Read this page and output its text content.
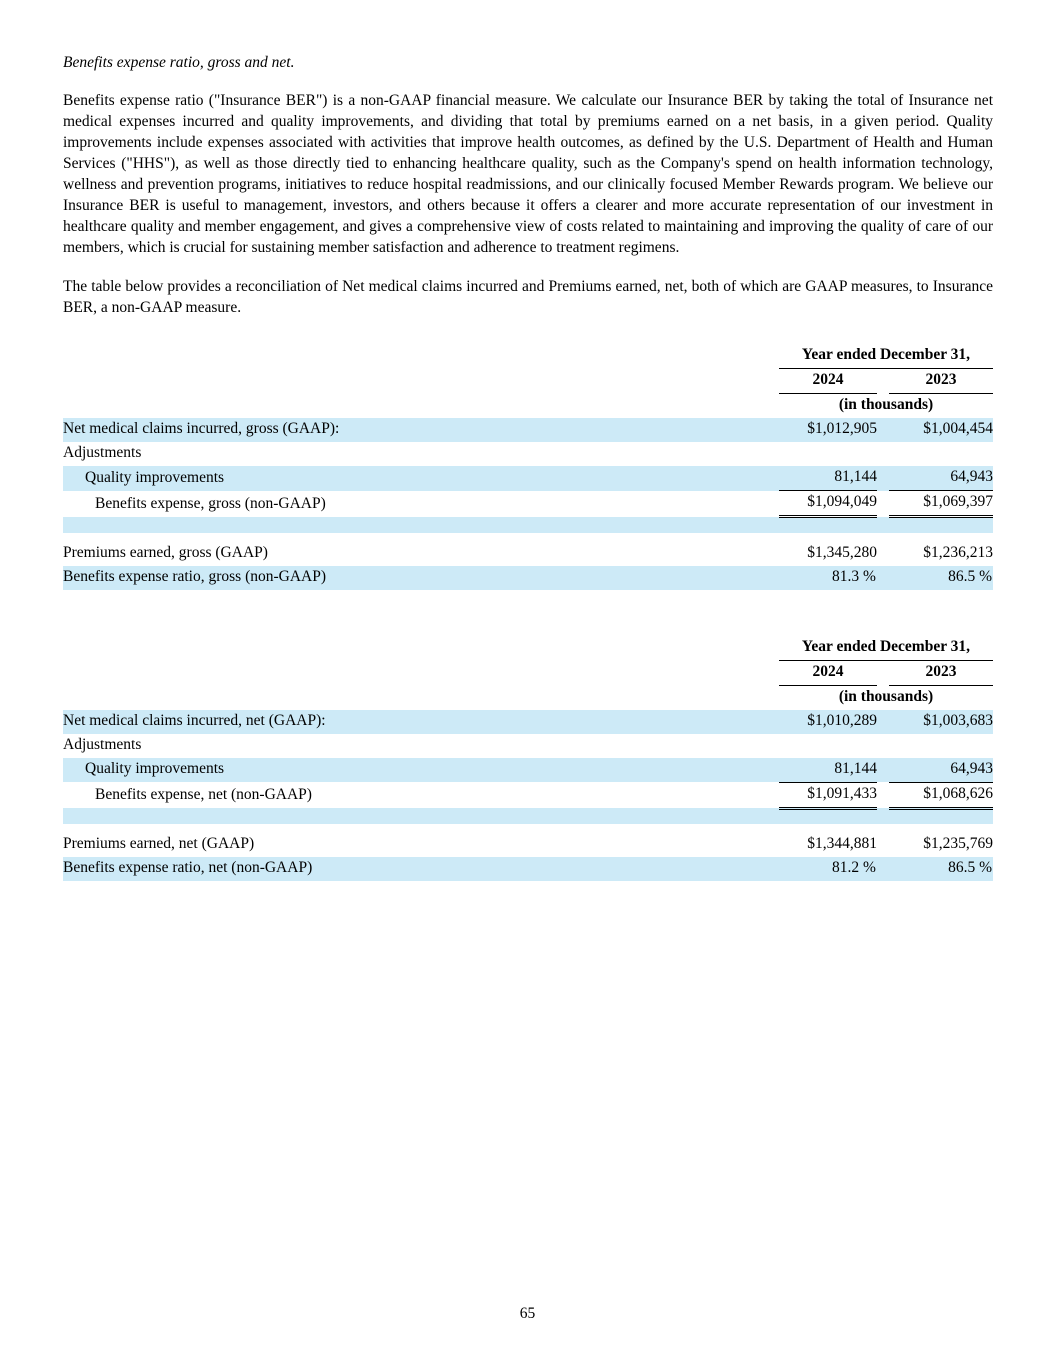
Benefits expense ratio, gross and net.

Benefits expense ratio ("Insurance BER") is a non-GAAP financial measure. We calculate our Insurance BER by taking the total of Insurance net medical expenses incurred and quality improvements, and dividing that total by premiums earned on a net basis, in a given period. Quality improvements include expenses associated with activities that improve health outcomes, as defined by the U.S. Department of Health and Human Services ("HHS"), as well as those directly tied to enhancing healthcare quality, such as the Company's spend on health information technology, wellness and prevention programs, initiatives to reduce hospital readmissions, and our clinically focused Member Rewards program. We believe our Insurance BER is useful to management, investors, and others because it offers a clearer and more accurate representation of our investment in healthcare quality and member engagement, and gives a comprehensive view of costs related to maintaining and improving the quality of care of our members, which is crucial for sustaining member satisfaction and adherence to treatment regimens.

The table below provides a reconciliation of Net medical claims incurred and Premiums earned, net, both of which are GAAP measures, to Insurance BER, a non-GAAP measure.

	Year ended December 31,		
	2024		2023
	(in thousands)		
Net medical claims incurred, gross (GAAP):	$1,012,905		$1,004,454
Adjustments			
Quality improvements	81,144		64,943
Benefits expense, gross (non-GAAP)	$1,094,049		$1,069,397

Premiums earned, gross (GAAP)	$1,345,280		$1,236,213
Benefits expense ratio, gross (non-GAAP)	81.3 %		86.5 %
	Year ended December 31,		
	2024		2023
	(in thousands)		
Net medical claims incurred, net (GAAP):	$1,010,289		$1,003,683
Adjustments			
Quality improvements	81,144		64,943
Benefits expense, net (non-GAAP)	$1,091,433		$1,068,626

Premiums earned, net (GAAP)	$1,344,881		$1,235,769
Benefits expense ratio, net (non-GAAP)	81.2 %		86.5 %
65
